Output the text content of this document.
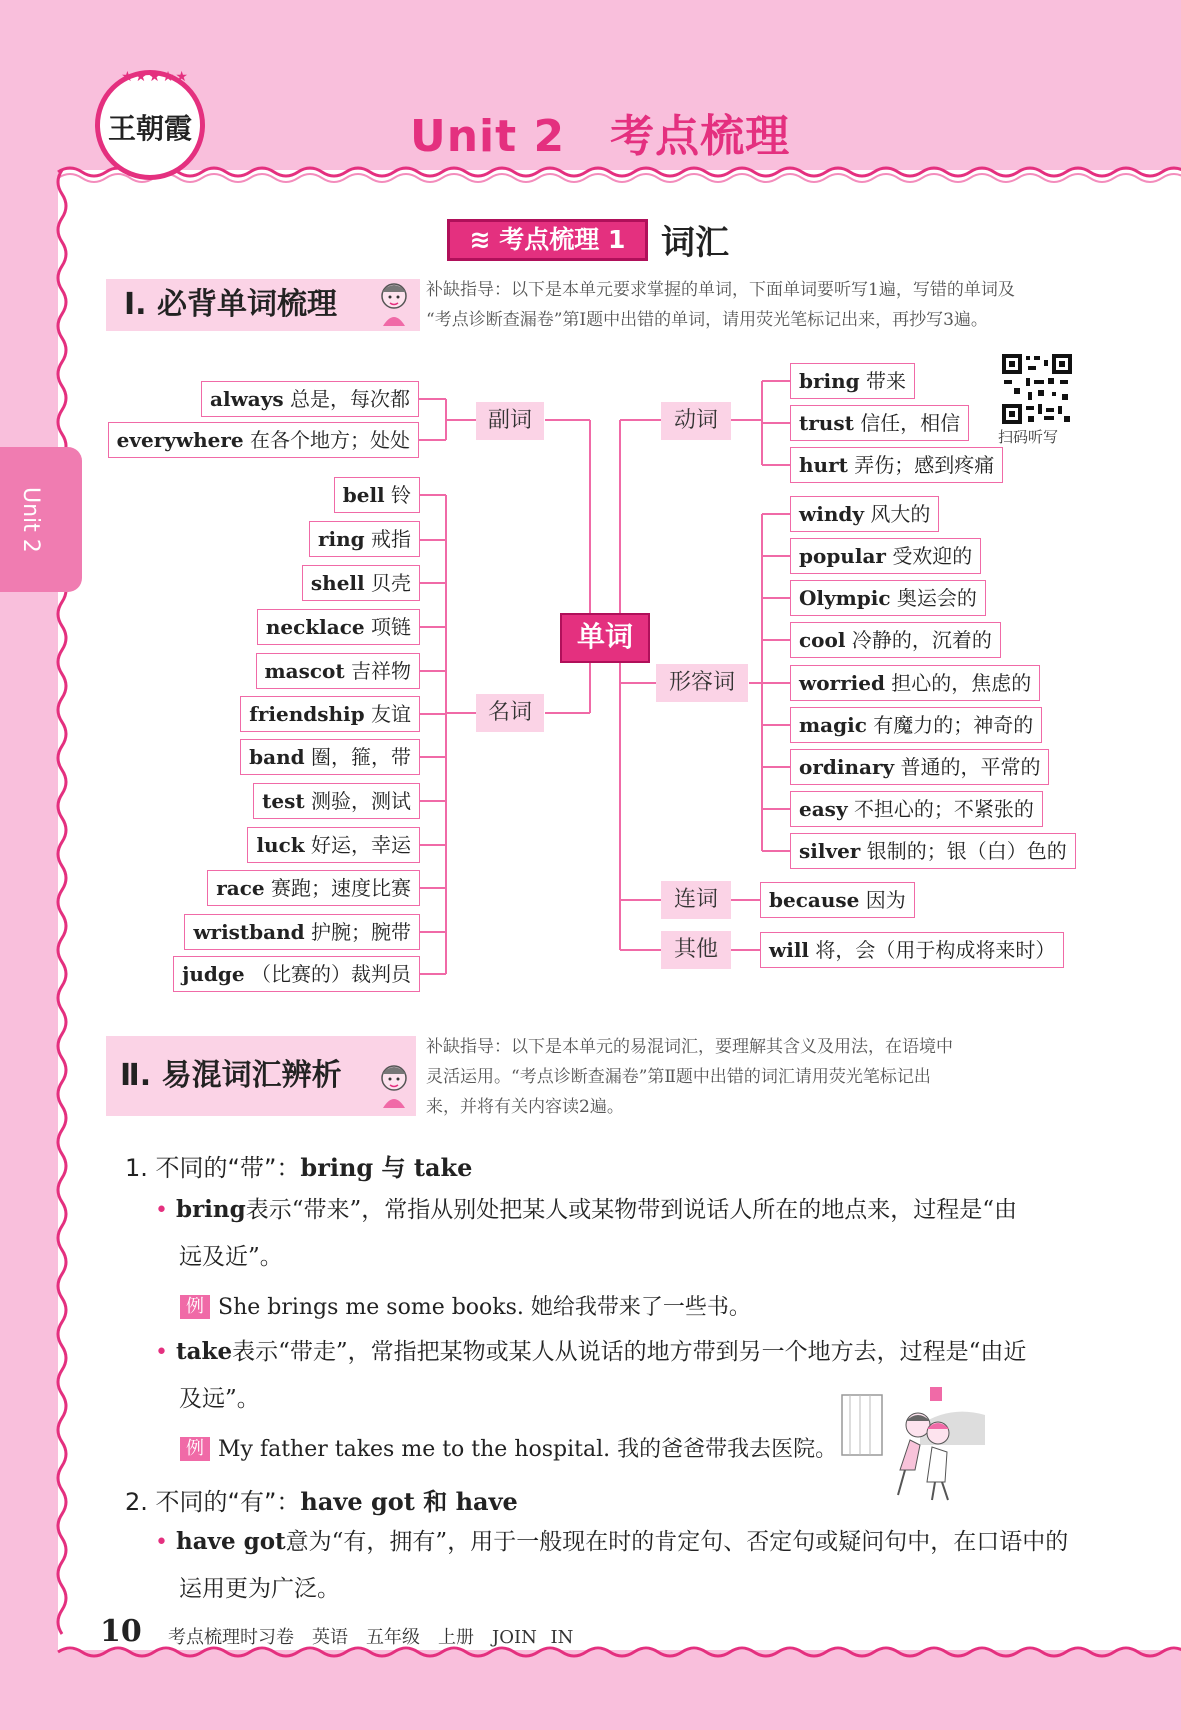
Unit 2
★★★★★
王朝霞	Unit 2　考点梳理
≋ 考点梳理 1	词汇
Ⅰ. 必背单词梳理	补缺指导：以下是本单元要求掌握的单词，下面单词要听写1遍，写错的单词及
“考点诊断查漏卷”第Ⅰ题中出错的单词，请用荧光笔标记出来，再抄写3遍。
扫码听写
单词
副词
名词
动词
形容词
连词
其他
always 总是，每次都
everywhere 在各个地方；处处
bell 铃
ring 戒指
shell 贝壳
necklace 项链
mascot 吉祥物
friendship 友谊
band 圈，箍，带
test 测验，测试
luck 好运，幸运
race 赛跑；速度比赛
wristband 护腕；腕带
judge （比赛的）裁判员
bring 带来
trust 信任，相信
hurt 弄伤；感到疼痛
windy 风大的
popular 受欢迎的
Olympic 奥运会的
cool 冷静的，沉着的
worried 担心的，焦虑的
magic 有魔力的；神奇的
ordinary 普通的，平常的
easy 不担心的；不紧张的
silver 银制的；银（白）色的
because 因为
will 将，会（用于构成将来时）
Ⅱ. 易混词汇辨析
补缺指导：以下是本单元的易混词汇，要理解其含义及用法，在语境中
灵活运用。“考点诊断查漏卷”第Ⅱ题中出错的词汇请用荧光笔标记出
来，并将有关内容读2遍。
1. 不同的“带”：bring 与 take
• bring表示“带来”，常指从别处把某人或某物带到说话人所在的地点来，过程是“由
远及近”。
例 She brings me some books. 她给我带来了一些书。
• take表示“带走”，常指把某物或某人从说话的地方带到另一个地方去，过程是“由近
及远”。
例 My father takes me to the hospital. 我的爸爸带我去医院。
2. 不同的“有”：have got 和 have
• have got意为“有，拥有”，用于一般现在时的肯定句、否定句或疑问句中，在口语中的
运用更为广泛。
10 考点梳理时习卷　英语　五年级　上册　JOIN IN
